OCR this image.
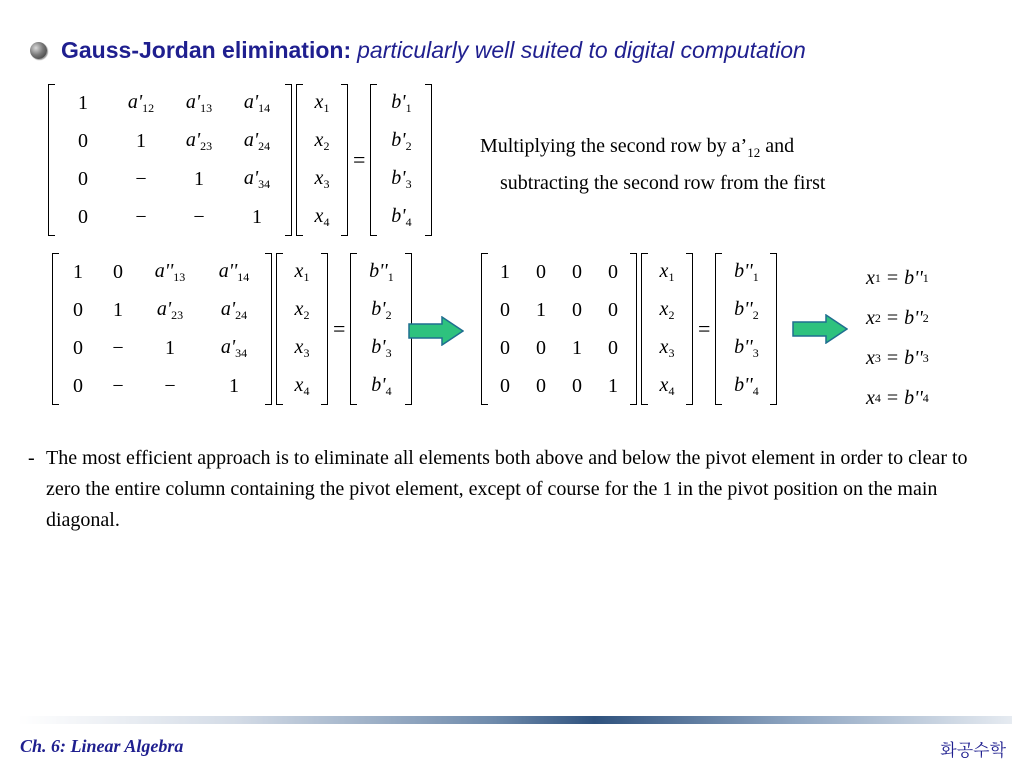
Gauss-Jordan elimination: particularly well suited to digital computation
1	$a'_{12}$	$a'_{13}$	$a'_{14}$
0	1	$a'_{23}$	$a'_{24}$
0	−	1	$a'_{34}$
0	−	−	1
$x_1$
$x_2$
$x_3$
$x_4$
=
$b'_1$
$b'_2$
$b'_3$
$b'_4$
Multiplying the second row by $a’_{12}$ and
subtracting the second row from the first
1	0	$a''_{13}$	$a''_{14}$
0	1	$a'_{23}$	$a'_{24}$
0	−	1	$a'_{34}$
0	−	−	1
$x_1$
$x_2$
$x_3$
$x_4$
=
$b''_1$
$b'_2$
$b'_3$
$b'_4$
1	0	0	0
0	1	0	0
0	0	1	0
0	0	0	1
$x_1$
$x_2$
$x_3$
$x_4$
=
$b''_1$
$b''_2$
$b''_3$
$b''_4$
x 1 = b'' 1
x 2 = b'' 2
x 3 = b'' 3
x 4 = b'' 4
- The most efficient approach is to eliminate all elements both above and below the pivot element in order to clear to zero the entire column containing the pivot element, except of course for the 1 in the pivot position on the main diagonal.
Ch. 6: Linear Algebra	화공수학
